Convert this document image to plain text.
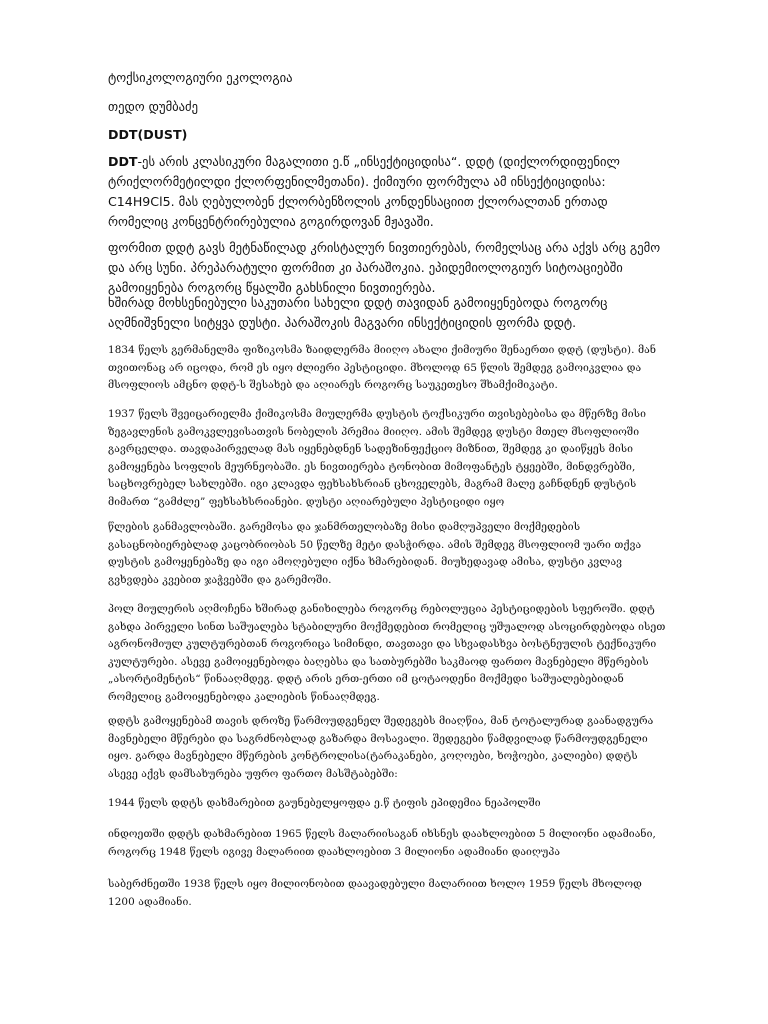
ტოქსიკოლოგიური ეკოლოგია

თედო დუმბაძე

DDT(DUST)

DDT-ეს არის კლასიკური მაგალითი ე.წ „ინსექტიციდისა“. დდტ (დიქლორდიფენილ ტრიქლორმეტილდი ქლორფენილმეთანი). ქიმიური ფორმულა ამ ინსექტიციდისა: C14H9Cl5. მას ღებულობენ ქლორბენზოლის კონდენსაციით ქლორალთან ერთად რომელიც კონცენტრირებულია გოგირდოვან მჟავაში.

ფორმით დდტ გავს მეტნაწილად კრისტალურ ნივთიერებას, რომელსაც არა აქვს არც გემო და არც სუნი. პრეპარატული ფორმით კი პარაშოკია. ეპიდემიოლოგიურ სიტოაციებში გამოიყენება როგორც წყალში გახსნილი ნივთიერება.

ხშირად მოხსენიებული საკუთარი სახელი დდტ თავიდან გამოიყენებოდა როგორც აღმნიშვნელი სიტყვა დუსტი. პარაშოკის მაგვარი ინსექტიციდის ფორმა დდტ.

1834 წელს გერმანელმა ფიზიკოსმა ზაიდლერმა მიიღო ახალი ქიმიური შენაერთი დდტ (დუსტი). მან თვითონაც არ იცოდა, რომ ეს იყო ძლიერი პესტიციდი. მხოლოდ 65 წლის შემდეგ გამოიკვლია და მსოფლიოს ამცნო დდტ-ს შესახებ და აღიარეს როგორც საუკეთესო შხამქიმიკატი.

1937 წელს შვეიცარიელმა ქიმიკოსმა მიულერმა დუსტის ტოქსიკური თვისებებისა და მწერზე მისი ზეგავლენის გამოკვლევისათვის ნობელის პრემია მიიღო. ამის შემდეგ დუსტი მთელ მსოფლიოში გავრცელდა. თავდაპირველად მას იყენებდნენ სადეზინფექციო მიზნით, შემდეგ კი დაიწყეს მისი გამოყენება სოფლის მეურნეობაში. ეს ნივთიერება ტონობით მიმოფანტეს ტყეებში, მინდვრებში, საცხოვრებელ სახლებში. იგი კლავდა ფეხსახსრიან ცხოველებს, მაგრამ მალე გაჩნდნენ დუსტის მიმართ “გამძლე” ფეხსახსრიანები. დუსტი აღიარებული პესტიციდი იყო

წლების განმავლობაში. გარემოსა და ჯანმრთელობაზე მისი დამღუპველი მოქმედების გასაცნობიერებლად კაცობრიობას 50 წელზე მეტი დასჭირდა. ამის შემდეგ მსოფლიომ უარი თქვა დუსტის გამოყენებაზე და იგი ამოღებული იქნა ხმარებიდან. მიუხედავად ამისა, დუსტი კვლავ გვხვდება კვებით ჯაჭვებში და გარემოში.

პოლ მიულერის აღმოჩენა ხშირად განიხილება როგორც რებოლუცია პესტიციდების სფეროში. დდტ გახდა პირველი სინთ საშუალება სტაბილური მოქმედებით რომელიც უშუალოდ ასოცირდებოდა ისეთ აგრონომიულ კულტურებთან როგორიცა სიმინდი, თავთავი და სხვადასხვა ბოსტნეულის ტექნიკური კულტურები. ასევე გამოიყენებოდა ბაღებსა და სათბურებში საკმაოდ ფართო მავნებელი მწერების „ასორტიმენტის“ წინააღმდეგ. დდტ არის ერთ-ერთი იმ ცოტაოდენი მოქმედი საშუალებებიდან რომელიც გამოიყენებოდა კალიების წინააღმდეგ.

დდტს გამოყენებამ თავის დროზე წარმოუდგენელ შედეგებს მიაღწია, მან ტოტალურად გაანადგურა მავნებელი მწერები და საგრძნობლად გაზარდა მოსავალი. შედეგები წამდვილად წარმოუდგენელი იყო. გარდა მავნებელი მწერების კონტროლისა(ტარაკანები, კოღოები, ხოჭოები, კალიები) დდტს ასევე აქვს დამსახურება უფრო ფართო მასშტაბებში:

1944 წელს დდტს დახმარებით გაუნებელყოფდა ე.წ ტიფის ეპიდემია ნეაპოლში

ინდოეთში დდტს დახმარებით 1965 წელს მალარიისაგან იხსნეს დაახლოებით 5 მილიონი ადამიანი, როგორც 1948 წელს იგივე მალარიით დაახლოებით 3 მილიონი ადამიანი დაიღუპა

საბერძნეთში 1938 წელს იყო მილიონობით დაავადებული მალარიით ხოლო 1959 წელს მხოლოდ 1200 ადამიანი.
